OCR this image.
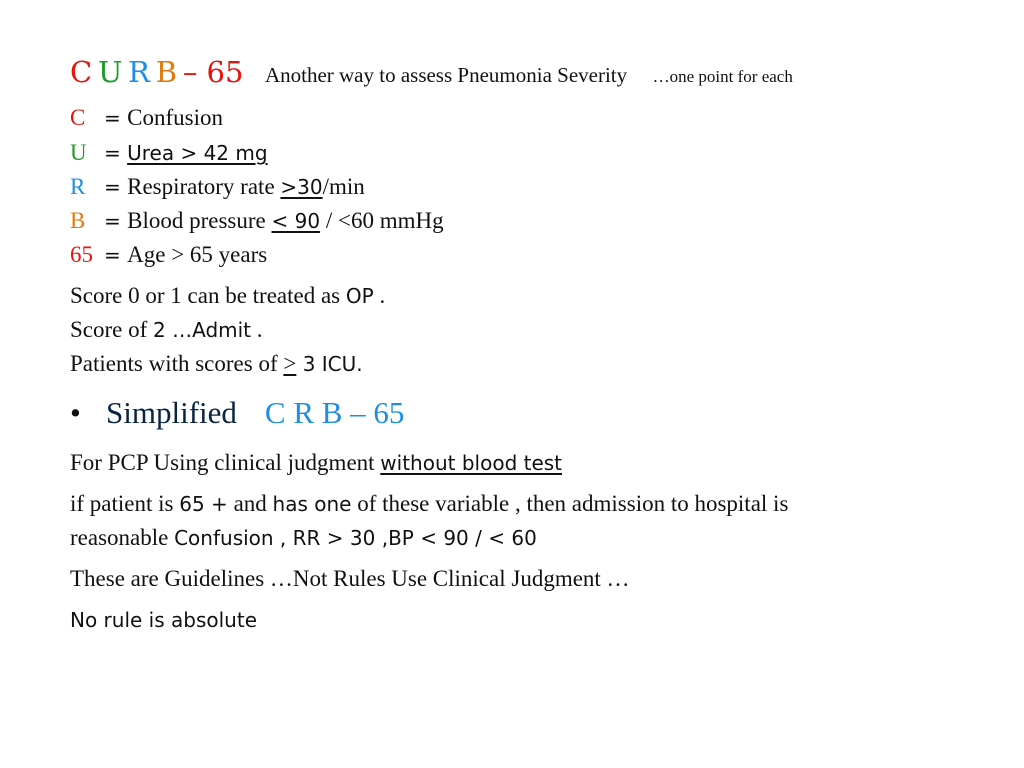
C U R B – 65 Another way to assess Pneumonia Severity …one point for each
C = Confusion
U = Urea > 42 mg
R = Respiratory rate >30/min
B = Blood pressure < 90 / <60 mmHg
65 = Age > 65 years
Score 0 or 1 can be treated as OP .
Score of 2 …Admit .
Patients with scores of > 3 ICU.
• Simplified C R B – 65
For PCP Using clinical judgment without blood test
if patient is 65 + and has one of these variable , then admission to hospital is
reasonable Confusion , RR > 30 ,BP < 90 / < 60
These are Guidelines …Not Rules Use Clinical Judgment …
No rule is absolute
